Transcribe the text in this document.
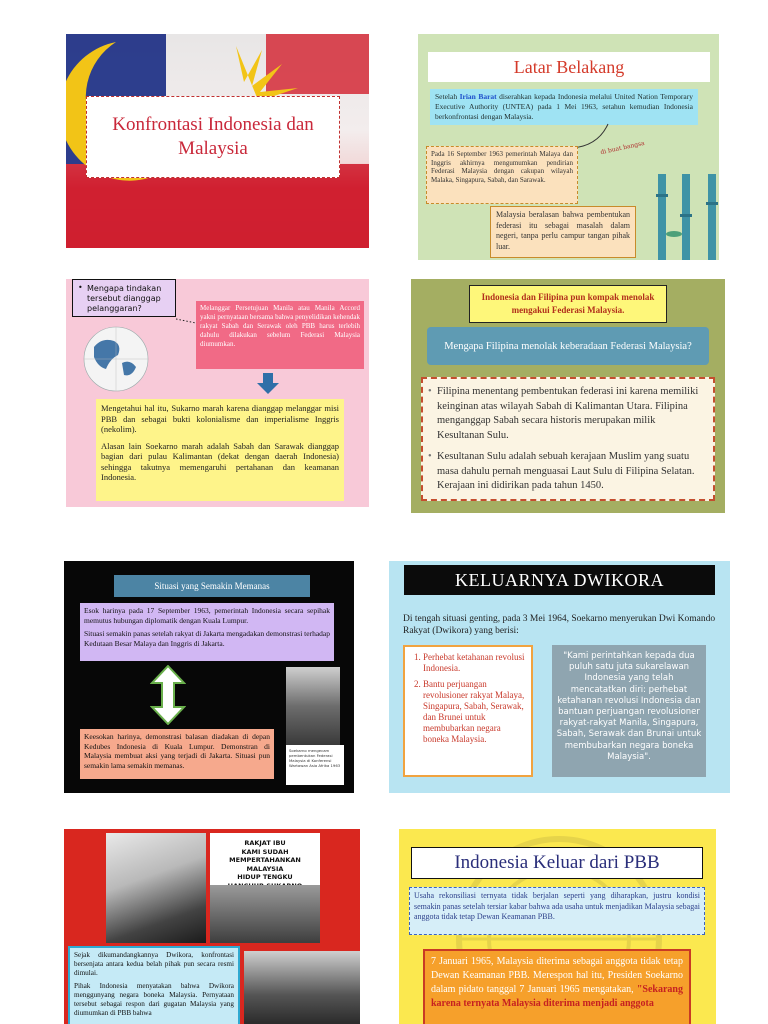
Konfrontasi Indonesia dan Malaysia
Latar Belakang
Setelah Irian Barat diserahkan kepada Indonesia melalui United Nation Temporary Executive Authority (UNTEA) pada 1 Mei 1963, setahun kemudian Indonesia berkonfrontasi dengan Malaysia.
di buat bangsa
Pada 16 September 1963 pemerintah Malaya dan Inggris akhirnya mengumumkan pendirian Federasi Malaysia dengan cakupan wilayah Malaka, Singapura, Sabah, dan Sarawak.
Malaysia beralasan bahwa pembentukan federasi itu sebagai masalah dalam negeri, tanpa perlu campur tangan pihak luar.
• Mengapa tindakan tersebut dianggap pelanggaran?	Melanggar Persetujuan Manila atau Manila Accord yakni pernyataan bersama bahwa penyelidikan kehendak rakyat Sabah dan Serawak oleh PBB harus terlebih dahulu dilakukan sebelum Federasi Malaysia diumumkan.
Mengetahui hal itu, Sukarno marah karena dianggap melanggar misi PBB dan sebagai bukti kolonialisme dan imperialisme Inggris (nekolim).
Alasan lain Soekarno marah adalah Sabah dan Sarawak dianggap bagian dari pulau Kalimantan (dekat dengan daerah Indonesia) sehingga takutnya memengaruhi pertahanan dan keamanan Indonesia.
Indonesia dan Filipina pun kompak menolak mengakui Federasi Malaysia.
Mengapa Filipina menolak keberadaan Federasi Malaysia?
• Filipina menentang pembentukan federasi ini karena memiliki keinginan atas wilayah Sabah di Kalimantan Utara. Filipina menganggap Sabah secara historis merupakan milik Kesultanan Sulu.
• Kesultanan Sulu adalah sebuah kerajaan Muslim yang suatu masa dahulu pernah menguasai Laut Sulu di Filipina Selatan. Kerajaan ini didirikan pada tahun 1450.
Situasi yang Semakin Memanas
Esok harinya pada 17 September 1963, pemerintah Indonesia secara sepihak memutus hubungan diplomatik dengan Kuala Lumpur.
Situasi semakin panas setelah rakyat di Jakarta mengadakan demonstrasi terhadap Kedutaan Besar Malaya dan Inggris di Jakarta.
Soekarno mengecam pembentukan Federasi Malaysia di Konferensi Wartawan Asia Afrika 1963
Keesokan harinya, demonstrasi balasan diadakan di depan Kedubes Indonesia di Kuala Lumpur. Demonstran di Malaysia membuat aksi yang terjadi di Jakarta. Situasi pun semakin lama semakin memanas.
KELUARNYA DWIKORA
Di tengah situasi genting, pada 3 Mei 1964, Soekarno menyerukan Dwi Komando Rakyat (Dwikora) yang berisi:
1. Perhebat ketahanan revolusi Indonesia.
2. Bantu perjuangan revolusioner rakyat Malaya, Singapura, Sabah, Serawak, dan Brunei untuk membubarkan negara boneka Malaysia.
"Kami perintahkan kepada dua puluh satu juta sukarelawan Indonesia yang telah mencatatkan diri: perhebat ketahanan revolusi Indonesia dan bantuan perjuangan revolusioner rakyat-rakyat Manila, Singapura, Sabah, Serawak dan Brunai untuk membubarkan negara boneka Malaysia".
RAKJAT IBU
KAMI SUDAH MEMPERTAHANKAN
MALAYSIA
HIDUP TENGKU

Sejak dikumandangkannya Dwikora, konfrontasi bersenjata antara kedua belah pihak pun secara resmi dimulai.
Pihak Indonesia menyatakan bahwa Dwikora menggunyang negara boneka Malaysia. Pernyataan tersebut sebagai respon dari gugatan Malaysia yang diumumkan di PBB bahwa
Indonesia Keluar dari PBB
Usaha rekonsiliasi ternyata tidak berjalan seperti yang diharapkan, justru kondisi semakin panas setelah tersiar kabar bahwa ada usaha untuk menjadikan Malaysia sebagai anggota tidak tetap Dewan Keamanan PBB.
7 Januari 1965, Malaysia diterima sebagai anggota tidak tetap Dewan Keamanan PBB. Merespon hal itu, Presiden Soekarno dalam pidato tanggal 7 Januari 1965 mengatakan, "Sekarang karena ternyata Malaysia diterima menjadi anggota
